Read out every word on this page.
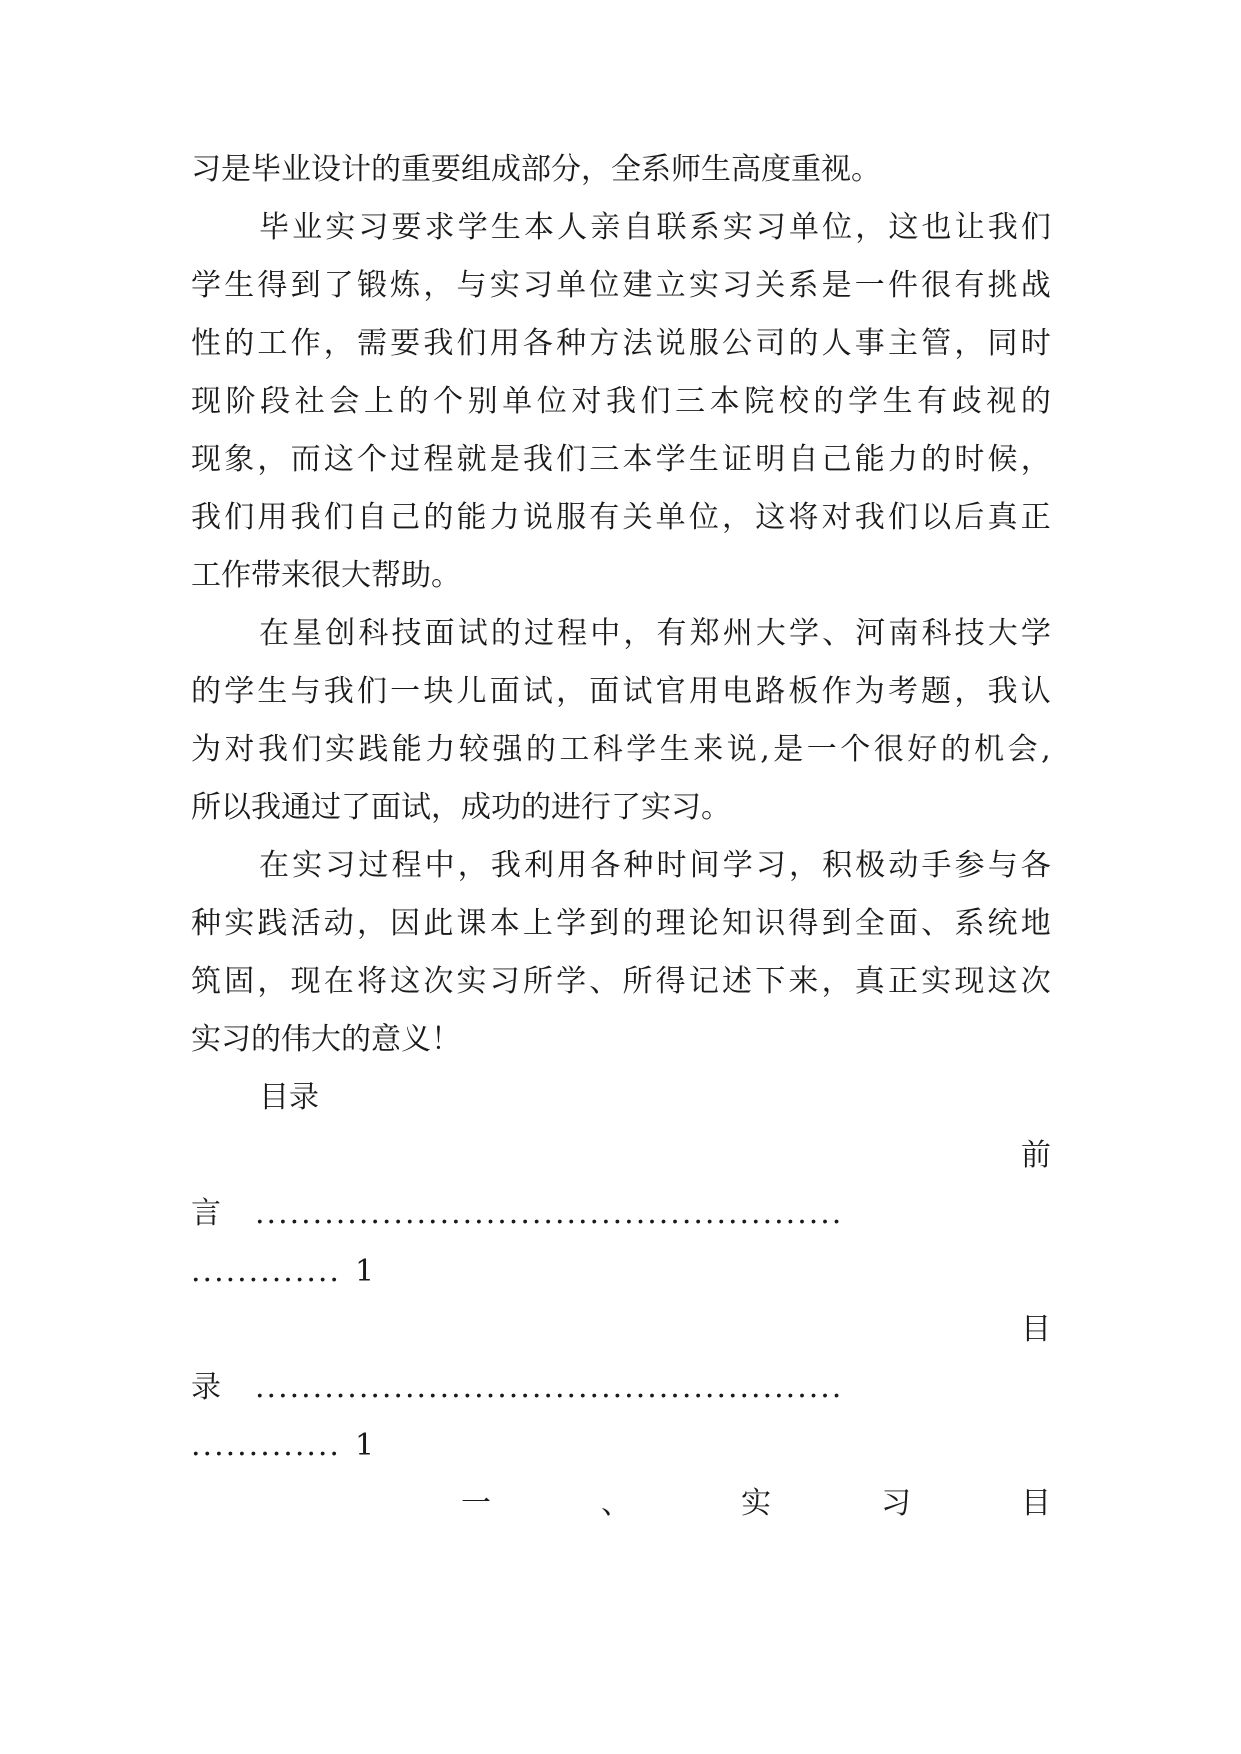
习是毕业设计的重要组成部分，全系师生高度重视。
毕 业 实 习 要 求 学 生 本 人 亲 自 联 系 实 习 单 位 ， 这 也 让 我 们
学 生 得 到 了 锻 炼 ， 与 实 习 单 位 建 立 实 习 关 系 是 一 件 很 有 挑 战
性 的 工 作 ， 需 要 我 们 用 各 种 方 法 说 服 公 司 的 人 事 主 管 ， 同 时
现 阶 段 社 会 上 的 个 别 单 位 对 我 们 三 本 院 校 的 学 生 有 歧 视 的
现 象 ， 而 这 个 过 程 就 是 我 们 三 本 学 生 证 明 自 己 能 力 的 时 候 ，
我 们 用 我 们 自 己 的 能 力 说 服 有 关 单 位 ， 这 将 对 我 们 以 后 真 正
工作带来很大帮助。
在 星 创 科 技 面 试 的 过 程 中 ， 有 郑 州 大 学 、 河 南 科 技 大 学
的 学 生 与 我 们 一 块 儿 面 试 ， 面 试 官 用 电 路 板 作 为 考 题 ， 我 认
为 对 我 们 实 践 能 力 较 强 的 工 科 学 生 来 说 , 是 一 个 很 好 的 机 会 ,
所以我通过了面试，成功的进行了实习。
在 实 习 过 程 中 ， 我 利 用 各 种 时 间 学 习 ， 积 极 动 手 参 与 各
种 实 践 活 动 ， 因 此 课 本 上 学 到 的 理 论 知 识 得 到 全 面 、 系 统 地
筑 固 ， 现 在 将 这 次 实 习 所 学 、 所 得 记 述 下 来 ， 真 正 实 现 这 次
实习的伟大的意义！
目录
前
言 ...................................................
............. 1
目
录 ...................................................
............. 1
一	、	实	习	目
